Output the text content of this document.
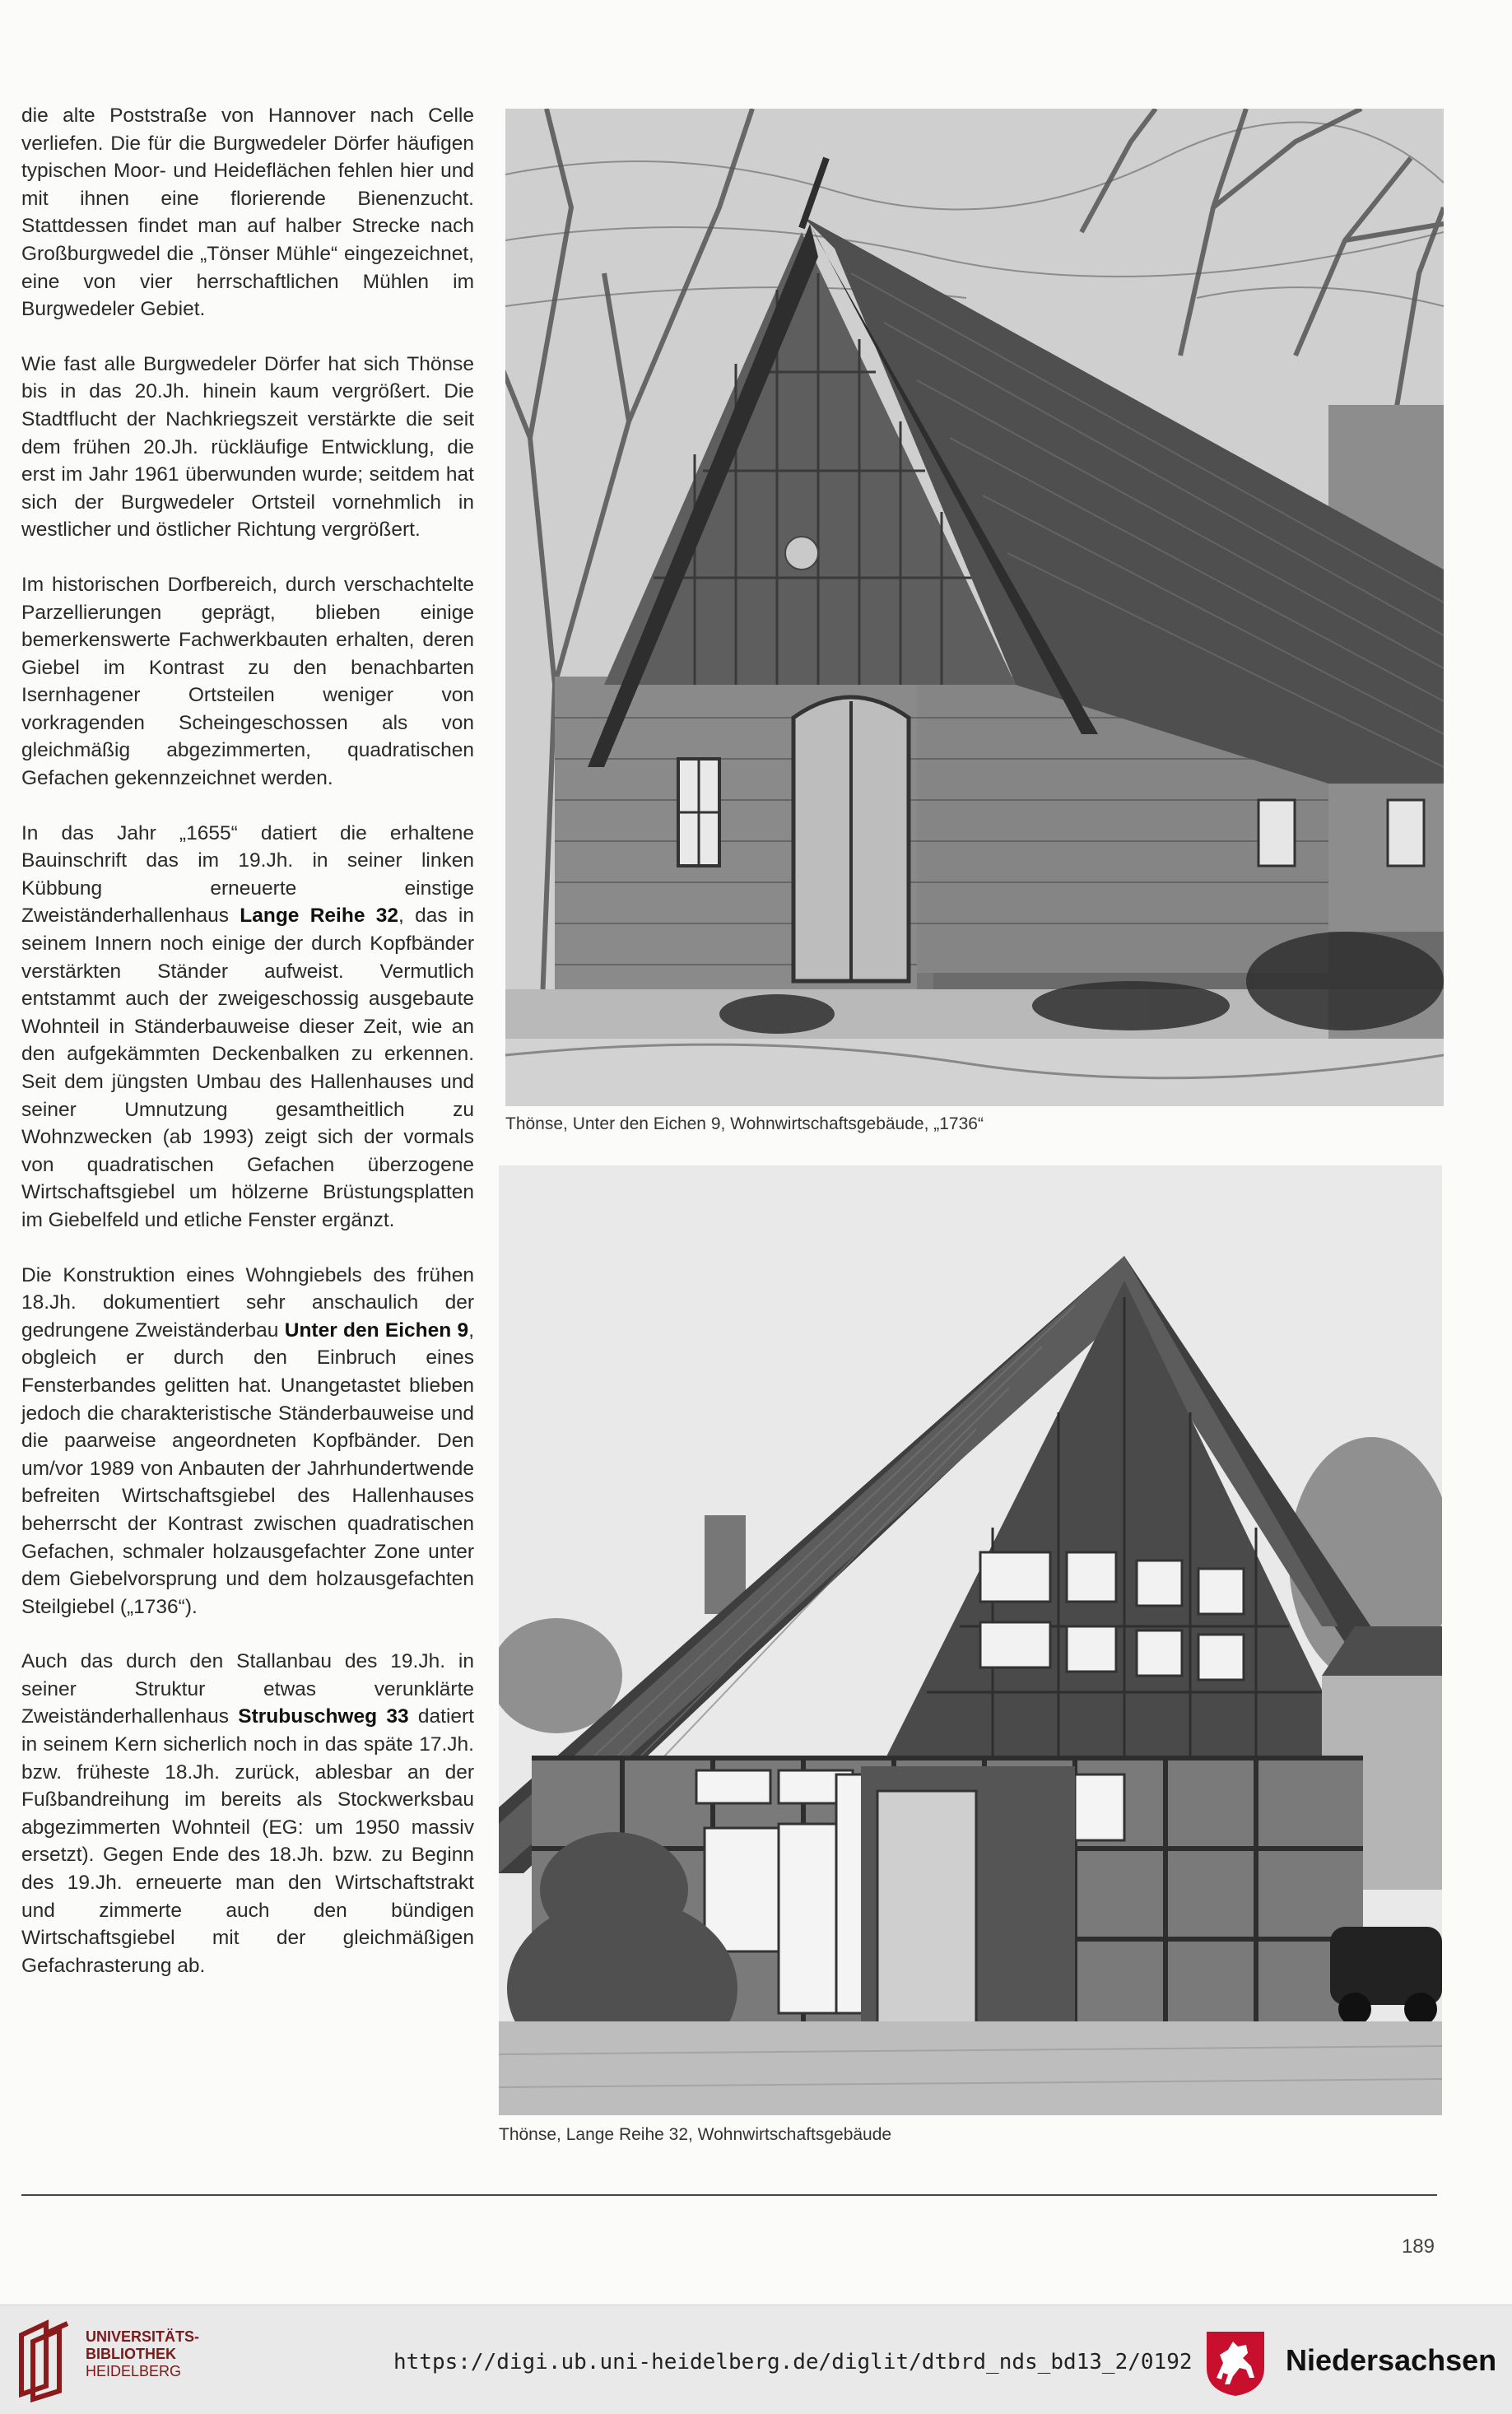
die alte Poststraße von Hannover nach Celle verliefen. Die für die Burgwedeler Dörfer häufigen typischen Moor- und Heideflächen fehlen hier und mit ihnen eine florierende Bienenzucht. Stattdessen findet man auf halber Strecke nach Großburgwedel die „Tönser Mühle“ eingezeichnet, eine von vier herrschaftlichen Mühlen im Burgwedeler Gebiet.

Wie fast alle Burgwedeler Dörfer hat sich Thönse bis in das 20.Jh. hinein kaum vergrößert. Die Stadtflucht der Nachkriegszeit verstärkte die seit dem frühen 20.Jh. rückläufige Entwicklung, die erst im Jahr 1961 überwunden wurde; seitdem hat sich der Burgwedeler Ortsteil vornehmlich in westlicher und östlicher Richtung vergrößert.

Im historischen Dorfbereich, durch verschachtelte Parzellierungen geprägt, blieben einige bemerkenswerte Fachwerkbauten erhalten, deren Giebel im Kontrast zu den benachbarten Isernhagener Ortsteilen weniger von vorkragenden Scheingeschossen als von gleichmäßig abgezimmerten, quadratischen Gefachen gekennzeichnet werden.

In das Jahr „1655“ datiert die erhaltene Bauinschrift das im 19.Jh. in seiner linken Kübbung erneuerte einstige Zweiständerhallenhaus Lange Reihe 32, das in seinem Innern noch einige der durch Kopfbänder verstärkten Ständer aufweist. Vermutlich entstammt auch der zweigeschossig ausgebaute Wohnteil in Ständerbauweise dieser Zeit, wie an den aufgekämmten Deckenbalken zu erkennen. Seit dem jüngsten Umbau des Hallenhauses und seiner Umnutzung gesamtheitlich zu Wohnzwecken (ab 1993) zeigt sich der vormals von quadratischen Gefachen überzogene Wirtschaftsgiebel um hölzerne Brüstungsplatten im Giebelfeld und etliche Fenster ergänzt.

Die Konstruktion eines Wohngiebels des frühen 18.Jh. dokumentiert sehr anschaulich der gedrungene Zweiständerbau Unter den Eichen 9, obgleich er durch den Einbruch eines Fensterbandes gelitten hat. Unangetastet blieben jedoch die charakteristische Ständerbauweise und die paarweise angeordneten Kopfbänder. Den um/vor 1989 von Anbauten der Jahrhundertwende befreiten Wirtschaftsgiebel des Hallenhauses beherrscht der Kontrast zwischen quadratischen Gefachen, schmaler holzausgefachter Zone unter dem Giebelvorsprung und dem holzausgefachten Steilgiebel („1736“).

Auch das durch den Stallanbau des 19.Jh. in seiner Struktur etwas verunklärte Zweiständerhallenhaus Strubuschweg 33 datiert in seinem Kern sicherlich noch in das späte 17.Jh. bzw. früheste 18.Jh. zurück, ablesbar an der Fußbandreihung im bereits als Stockwerksbau abgezimmerten Wohnteil (EG: um 1950 massiv ersetzt). Gegen Ende des 18.Jh. bzw. zu Beginn des 19.Jh. erneuerte man den Wirtschaftstrakt und zimmerte auch den bündigen Wirtschaftsgiebel mit der gleichmäßigen Gefachrasterung ab.

Thönse, Unter den Eichen 9, Wohnwirtschaftsgebäude, „1736“
Thönse, Lange Reihe 32, Wohnwirtschaftsgebäude
189
UNIVERSITÄTS-
BIBLIOTHEK
HEIDELBERG	https://digi.ub.uni-heidelberg.de/diglit/dtbrd_nds_bd13_2/0192	Niedersachsen
